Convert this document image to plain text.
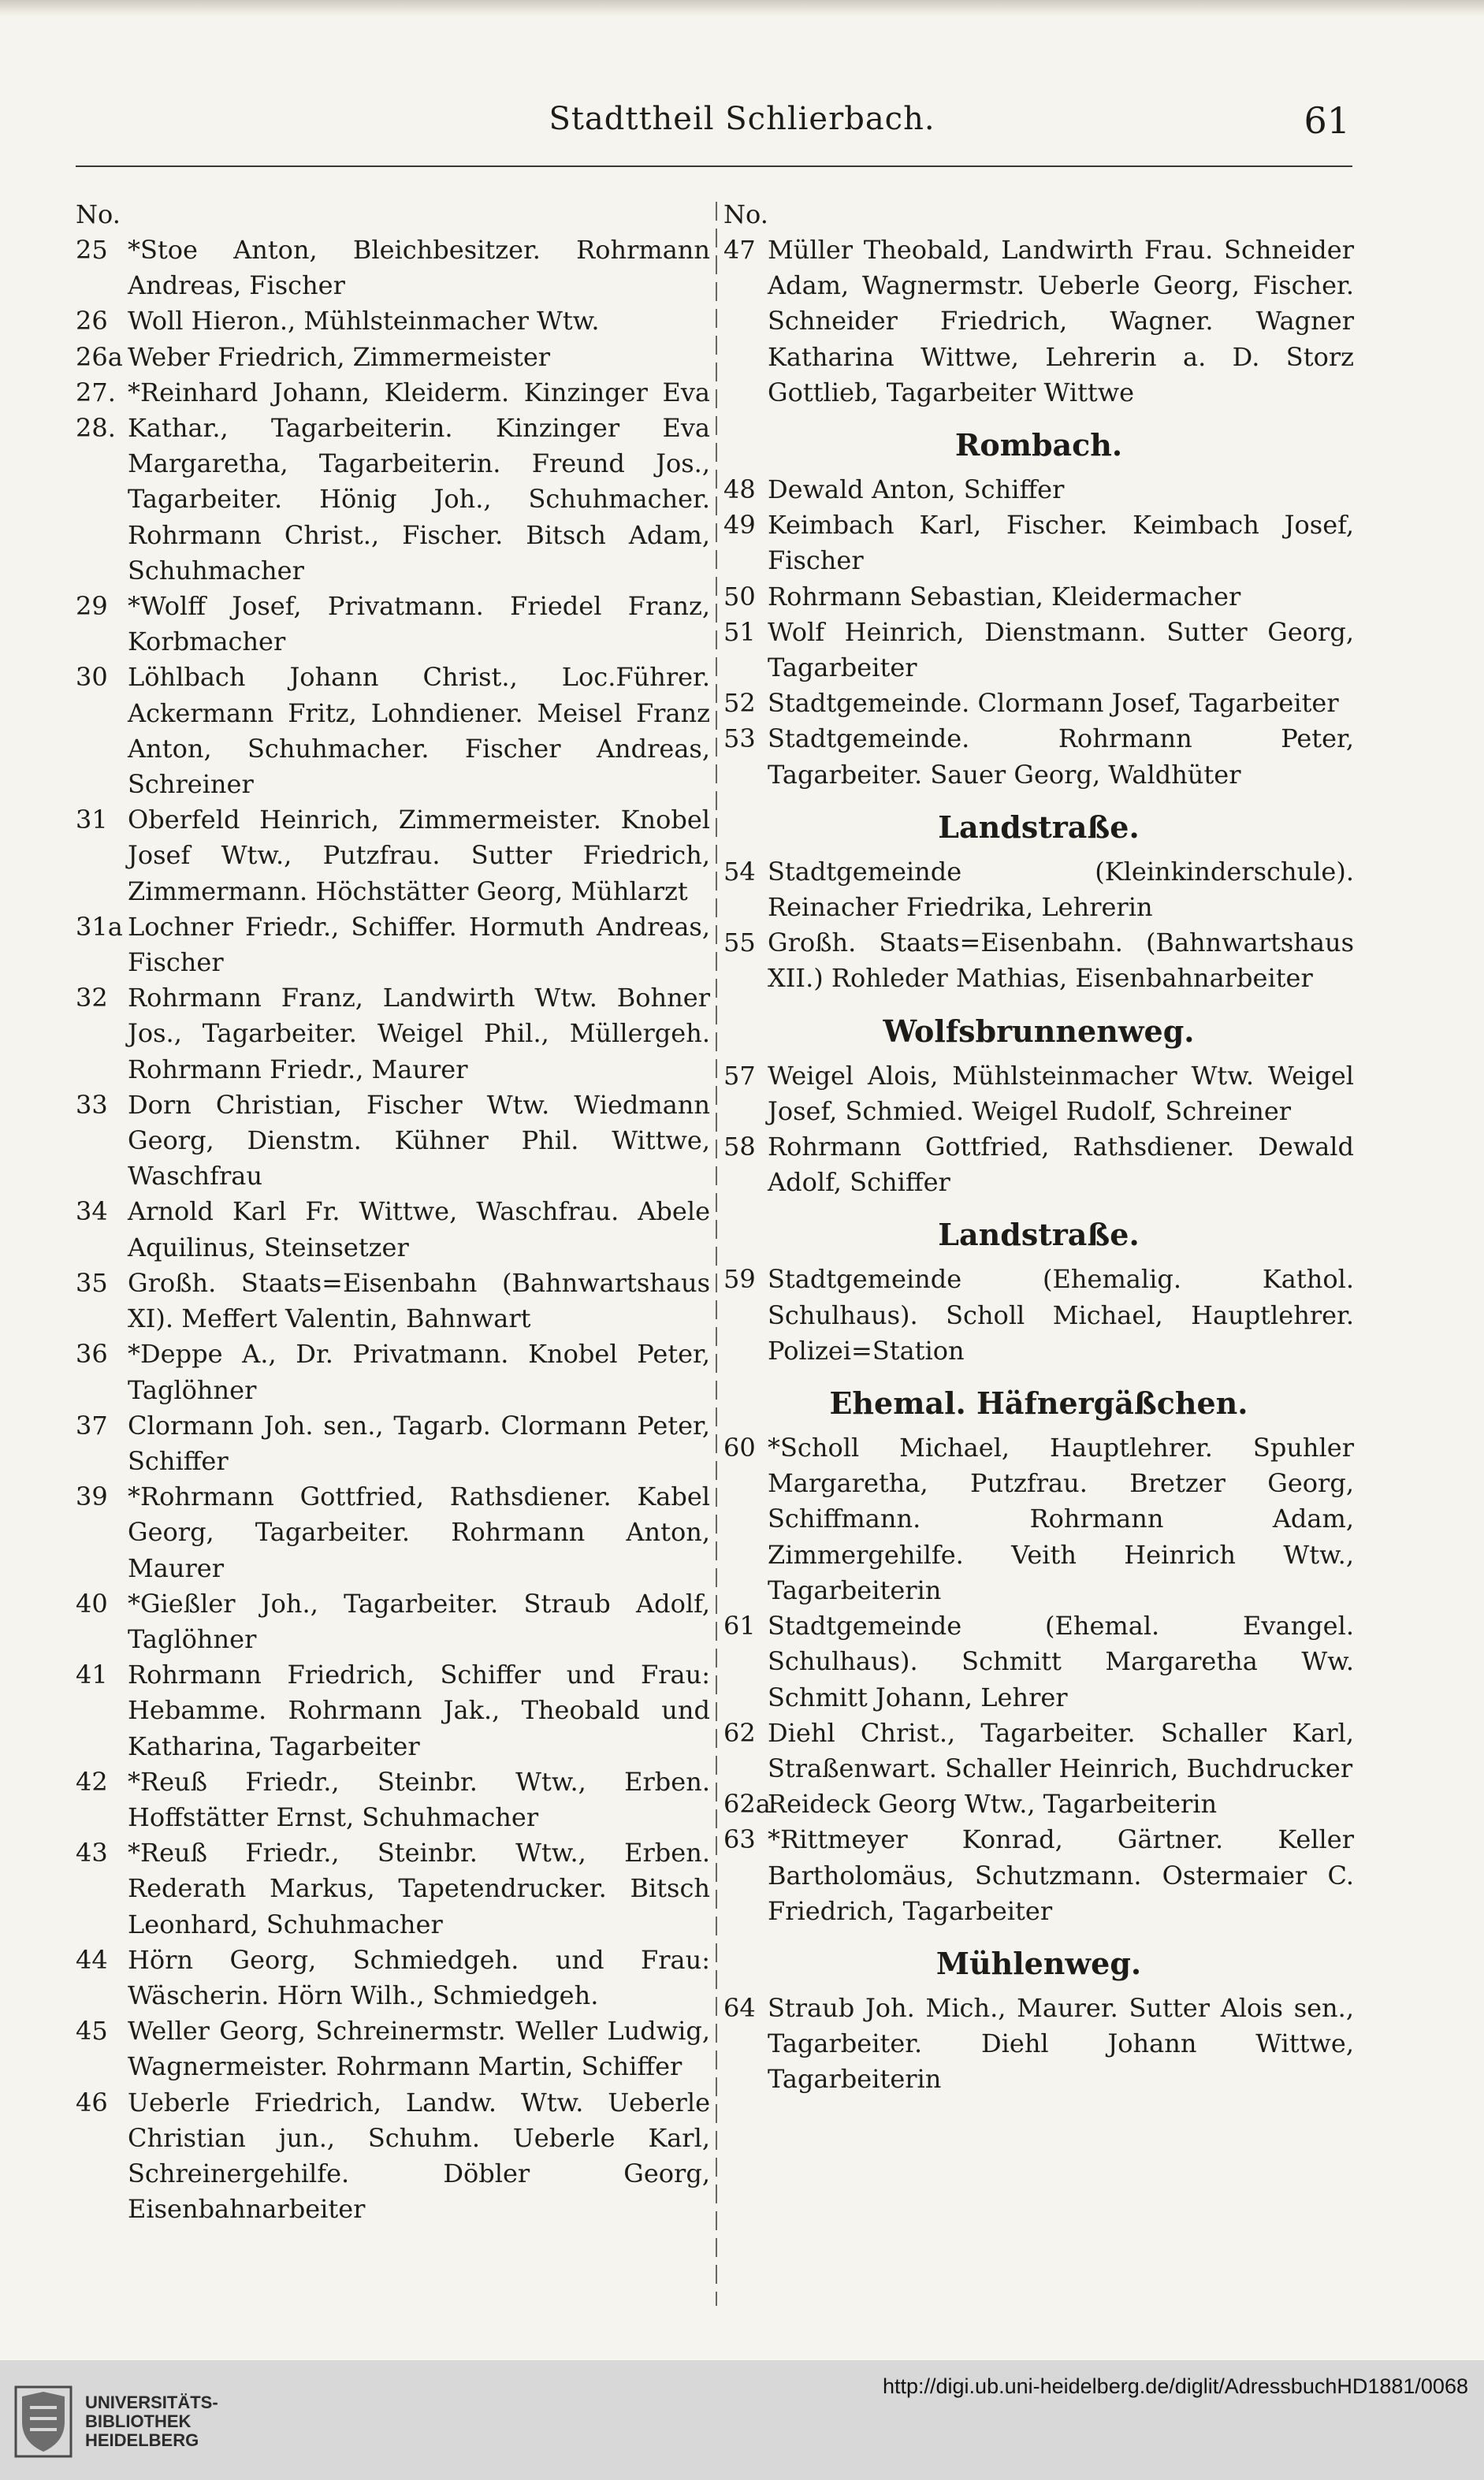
Stadttheil Schlierbach.	61
No.
25 *Stoe Anton, Bleichbesitzer. Rohrmann Andreas, Fischer
26 Woll Hieron., Mühlsteinmacher Wtw.
26a Weber Friedrich, Zimmermeister
27. 28.
*Reinhard Johann, Kleiderm. Kinzinger Eva Kathar., Tagarbeiterin. Kinzinger Eva Margaretha, Tagarbeiterin. Freund Jos., Tagarbeiter. Hönig Joh., Schuhmacher. Rohrmann Christ., Fischer. Bitsch Adam, Schuhmacher
29 *Wolff Josef, Privatmann. Friedel Franz, Korbmacher
30 Löhlbach Johann Christ., Loc.Führer. Ackermann Fritz, Lohndiener. Meisel Franz Anton, Schuhmacher. Fischer Andreas, Schreiner
31 Oberfeld Heinrich, Zimmermeister. Knobel Josef Wtw., Putzfrau. Sutter Friedrich, Zimmermann. Höchstätter Georg, Mühlarzt
31a Lochner Friedr., Schiffer. Hormuth Andreas, Fischer
32 Rohrmann Franz, Landwirth Wtw. Bohner Jos., Tagarbeiter. Weigel Phil., Müllergeh. Rohrmann Friedr., Maurer
33 Dorn Christian, Fischer Wtw. Wiedmann Georg, Dienstm. Kühner Phil. Wittwe, Waschfrau
34 Arnold Karl Fr. Wittwe, Waschfrau. Abele Aquilinus, Steinsetzer
35 Großh. Staats=Eisenbahn (Bahnwartshaus XI). Meffert Valentin, Bahnwart
36 *Deppe A., Dr. Privatmann. Knobel Peter, Taglöhner
37 Clormann Joh. sen., Tagarb. Clormann Peter, Schiffer
39 *Rohrmann Gottfried, Rathsdiener. Kabel Georg, Tagarbeiter. Rohrmann Anton, Maurer
40 *Gießler Joh., Tagarbeiter. Straub Adolf, Taglöhner
41 Rohrmann Friedrich, Schiffer und Frau: Hebamme. Rohrmann Jak., Theobald und Katharina, Tagarbeiter
42 *Reuß Friedr., Steinbr. Wtw., Erben. Hoffstätter Ernst, Schuhmacher
43 *Reuß Friedr., Steinbr. Wtw., Erben. Rederath Markus, Tapetendrucker. Bitsch Leonhard, Schuhmacher
44 Hörn Georg, Schmiedgeh. und Frau: Wäscherin. Hörn Wilh., Schmiedgeh.
45 Weller Georg, Schreinermstr. Weller Ludwig, Wagnermeister. Rohrmann Martin, Schiffer
46 Ueberle Friedrich, Landw. Wtw. Ueberle Christian jun., Schuhm. Ueberle Karl, Schreinergehilfe. Döbler Georg, Eisenbahnarbeiter
No.
47 Müller Theobald, Landwirth Frau. Schneider Adam, Wagnermstr. Ueberle Georg, Fischer. Schneider Friedrich, Wagner. Wagner Katharina Wittwe, Lehrerin a. D. Storz Gottlieb, Tagarbeiter Wittwe
Rombach.
48 Dewald Anton, Schiffer
49 Keimbach Karl, Fischer. Keimbach Josef, Fischer
50 Rohrmann Sebastian, Kleidermacher
51 Wolf Heinrich, Dienstmann. Sutter Georg, Tagarbeiter
52 Stadtgemeinde. Clormann Josef, Tagarbeiter
53 Stadtgemeinde. Rohrmann Peter, Tagarbeiter. Sauer Georg, Waldhüter
Landstraße.
54 Stadtgemeinde (Kleinkinderschule). Reinacher Friedrika, Lehrerin
55 Großh. Staats=Eisenbahn. (Bahnwartshaus XII.) Rohleder Mathias, Eisenbahnarbeiter
Wolfsbrunnenweg.
57 Weigel Alois, Mühlsteinmacher Wtw. Weigel Josef, Schmied. Weigel Rudolf, Schreiner
58 Rohrmann Gottfried, Rathsdiener. Dewald Adolf, Schiffer
Landstraße.
59 Stadtgemeinde (Ehemalig. Kathol. Schulhaus). Scholl Michael, Hauptlehrer. Polizei=Station
Ehemal. Häfnergäßchen.
60 *Scholl Michael, Hauptlehrer. Spuhler Margaretha, Putzfrau. Bretzer Georg, Schiffmann. Rohrmann Adam, Zimmergehilfe. Veith Heinrich Wtw., Tagarbeiterin
61 Stadtgemeinde (Ehemal. Evangel. Schulhaus). Schmitt Margaretha Ww. Schmitt Johann, Lehrer
62 Diehl Christ., Tagarbeiter. Schaller Karl, Straßenwart. Schaller Heinrich, Buchdrucker
62a
Reideck Georg Wtw., Tagarbeiterin
63 *Rittmeyer Konrad, Gärtner. Keller Bartholomäus, Schutzmann. Ostermaier C. Friedrich, Tagarbeiter
Mühlenweg.
64 Straub Joh. Mich., Maurer. Sutter Alois sen., Tagarbeiter. Diehl Johann Wittwe, Tagarbeiterin
UNIVERSITÄTS-
BIBLIOTHEK
HEIDELBERG
http://digi.ub.uni-heidelberg.de/diglit/AdressbuchHD1881/0068
